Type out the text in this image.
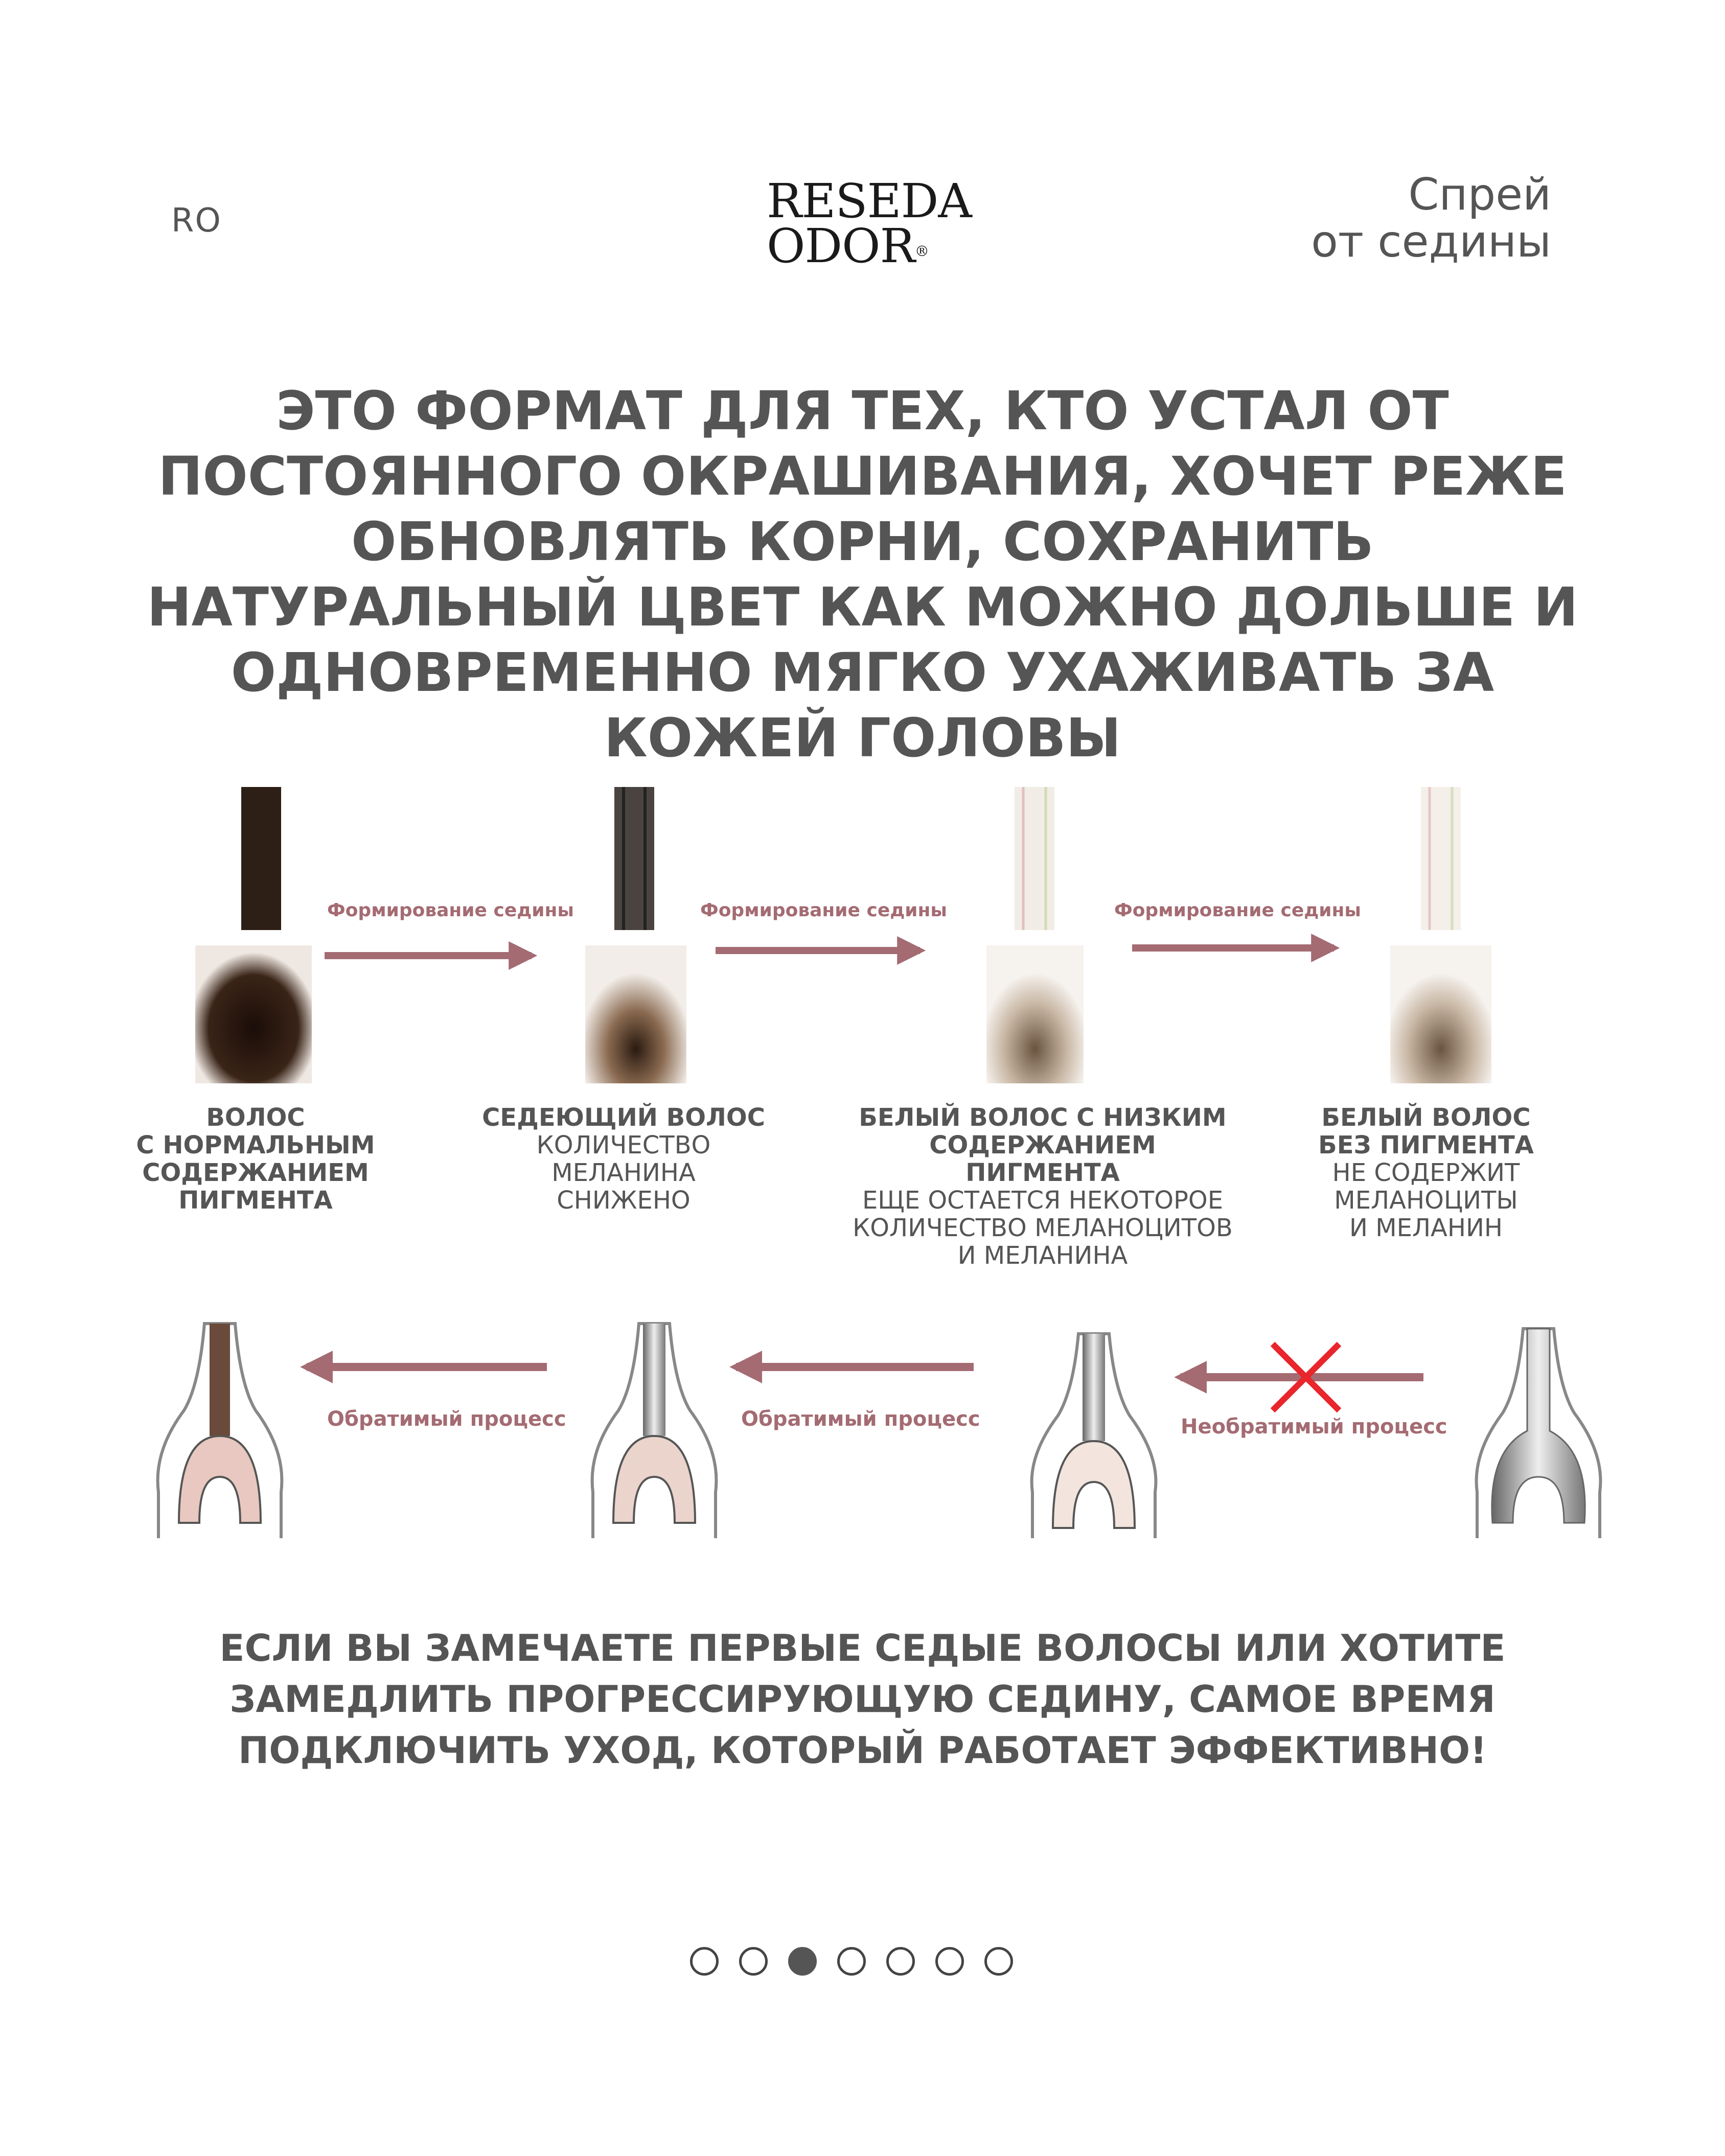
RO	RESEDA
ODOR®
Спрей
от седины
ЭТО ФОРМАТ ДЛЯ ТЕХ, КТО УСТАЛ ОТ ПОСТОЯННОГО ОКРАШИВАНИЯ, ХОЧЕТ РЕЖЕ ОБНОВЛЯТЬ КОРНИ, СОХРАНИТЬ НАТУРАЛЬНЫЙ ЦВЕТ КАК МОЖНО ДОЛЬШЕ И ОДНОВРЕМЕННО МЯГКО УХАЖИВАТЬ ЗА КОЖЕЙ ГОЛОВЫ
Формирование седины	Формирование седины	Формирование седины
Обратимый процесс	Обратимый процесс	Необратимый процесс
ВОЛОС
С НОРМАЛЬНЫМ
СОДЕРЖАНИЕМ
ПИГМЕНТА
СЕДЕЮЩИЙ ВОЛОС
КОЛИЧЕСТВО
МЕЛАНИНА
СНИЖЕНО
БЕЛЫЙ ВОЛОС С НИЗКИМ
СОДЕРЖАНИЕМ ПИГМЕНТА
ЕЩЕ ОСТАЕТСЯ НЕКОТОРОЕ
КОЛИЧЕСТВО МЕЛАНОЦИТОВ
И МЕЛАНИНА
БЕЛЫЙ ВОЛОС
БЕЗ ПИГМЕНТА
НЕ СОДЕРЖИТ
МЕЛАНОЦИТЫ
И МЕЛАНИН
ЕСЛИ ВЫ ЗАМЕЧАЕТЕ ПЕРВЫЕ СЕДЫЕ ВОЛОСЫ ИЛИ ХОТИТЕ
ЗАМЕДЛИТЬ ПРОГРЕССИРУЮЩУЮ СЕДИНУ, САМОЕ ВРЕМЯ
ПОДКЛЮЧИТЬ УХОД, КОТОРЫЙ РАБОТАЕТ ЭФФЕКТИВНО!
